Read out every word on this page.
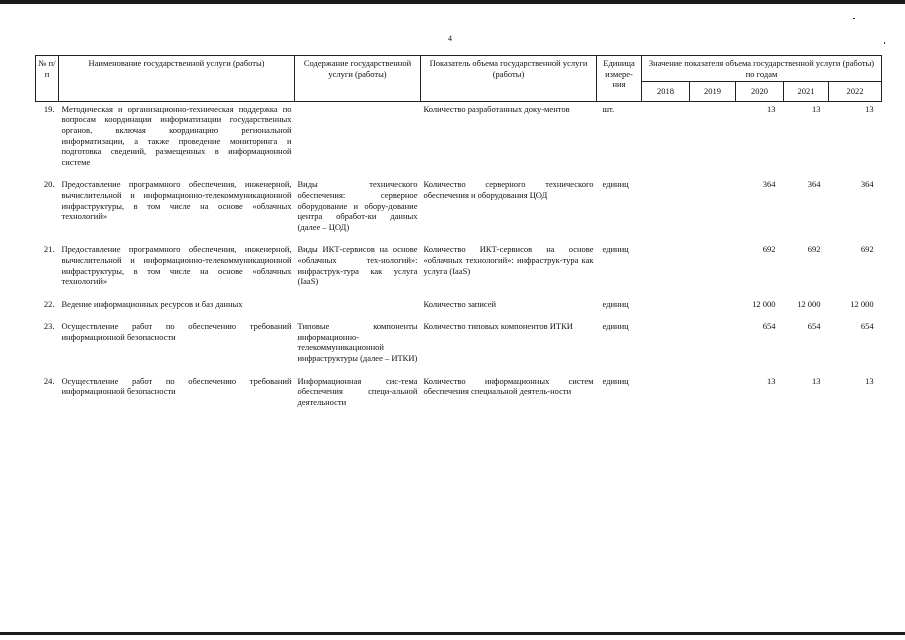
4
№ п/п	Наименование государственной услуги (работы)	Содержание государственной услуги (работы)	Показатель объема государственной услуги (работы)	Единица измере-ния	Значение показателя объема государственной услуги (работы) по годам				
					2018	2019	2020	2021	2022
19.	Методическая и организационно-техническая поддержка по вопросам координации информатизации государственных органов, включая координацию региональной информатизации, а также проведение мониторинга и подготовка сведений, размещенных в информационной системе		Количество разработанных доку-ментов	шт.			13	13	13
20.	Предоставление программного обеспечения, инженерной, вычислительной и информационно-телекоммуникационной инфраструктуры, в том числе на основе «облачных технологий»	Виды технического обеспечения: серверное оборудование и обору-дование центра обработ-ки данных (далее – ЦОД)	Количество серверного технического обеспечения и оборудования ЦОД	единиц			364	364	364
21.	Предоставление программного обеспечения, инженерной, вычислительной и информационно-телекоммуникационной инфраструктуры, в том числе на основе «облачных технологий»	Виды ИКТ-сервисов на основе «облачных тех-нологий»: инфраструк-тура как услуга (IaaS)	Количество ИКТ-сервисов на основе «облачных технологий»: инфраструк-тура как услуга (IaaS)	единиц			692	692	692
22.	Ведение информационных ресурсов и баз данных		Количество записей	единиц			12 000	12 000	12 000
23.	Осуществление работ по обеспечению требований информационной безопасности	Типовые компоненты информационно-телекоммуникационной инфраструктуры (далее – ИТКИ)	Количество типовых компонентов ИТКИ	единиц			654	654	654
24.	Осуществление работ по обеспечению требований информационной безопасности	Информационная сис-тема обеспечения специ-альной деятельности	Количество информационных систем обеспечения специальной деятель-ности	единиц			13	13	13
